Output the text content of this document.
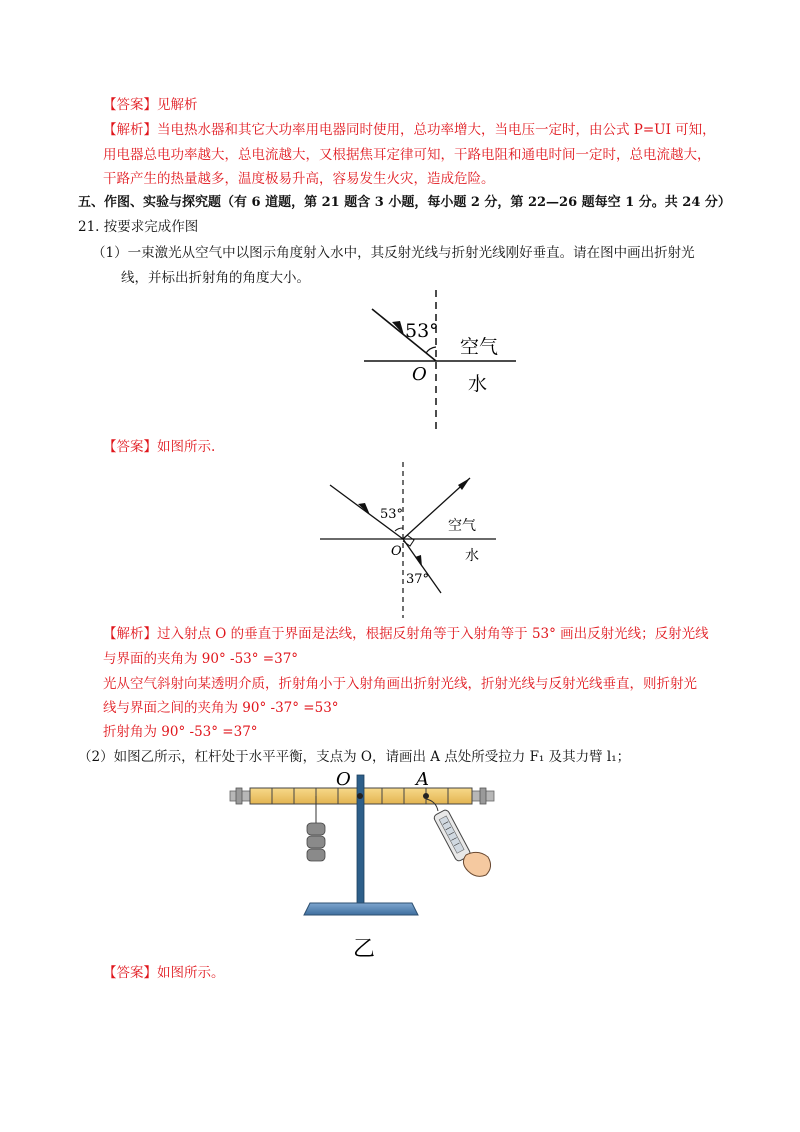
【答案】见解析
【解析】当电热水器和其它大功率用电器同时使用，总功率增大，当电压一定时，由公式 P=UI 可知，
用电器总电功率越大，总电流越大，又根据焦耳定律可知，干路电阻和通电时间一定时，总电流越大，
干路产生的热量越多，温度极易升高，容易发生火灾，造成危险。
五、作图、实验与探究题（有 6 道题，第 21 题含 3 小题，每小题 2 分，第 22—26 题每空 1 分。共 24 分）
21. 按要求完成作图
（1）一束激光从空气中以图示角度射入水中，其反射光线与折射光线刚好垂直。请在图中画出折射光
线，并标出折射角的角度大小。
53°
空气
水
O
【答案】如图所示.
53°
37°
空气
水
O
【解析】过入射点 O 的垂直于界面是法线，根据反射角等于入射角等于 53° 画出反射光线；反射光线
与界面的夹角为 90° -53° =37°
光从空气斜射向某透明介质，折射角小于入射角画出折射光线，折射光线与反射光线垂直，则折射光
线与界面之间的夹角为 90° -37° =53°
折射角为 90° -53° =37°
（2）如图乙所示，杠杆处于水平平衡，支点为 O，请画出 A 点处所受拉力 F₁ 及其力臂 l₁；
O	A
乙
【答案】如图所示。
